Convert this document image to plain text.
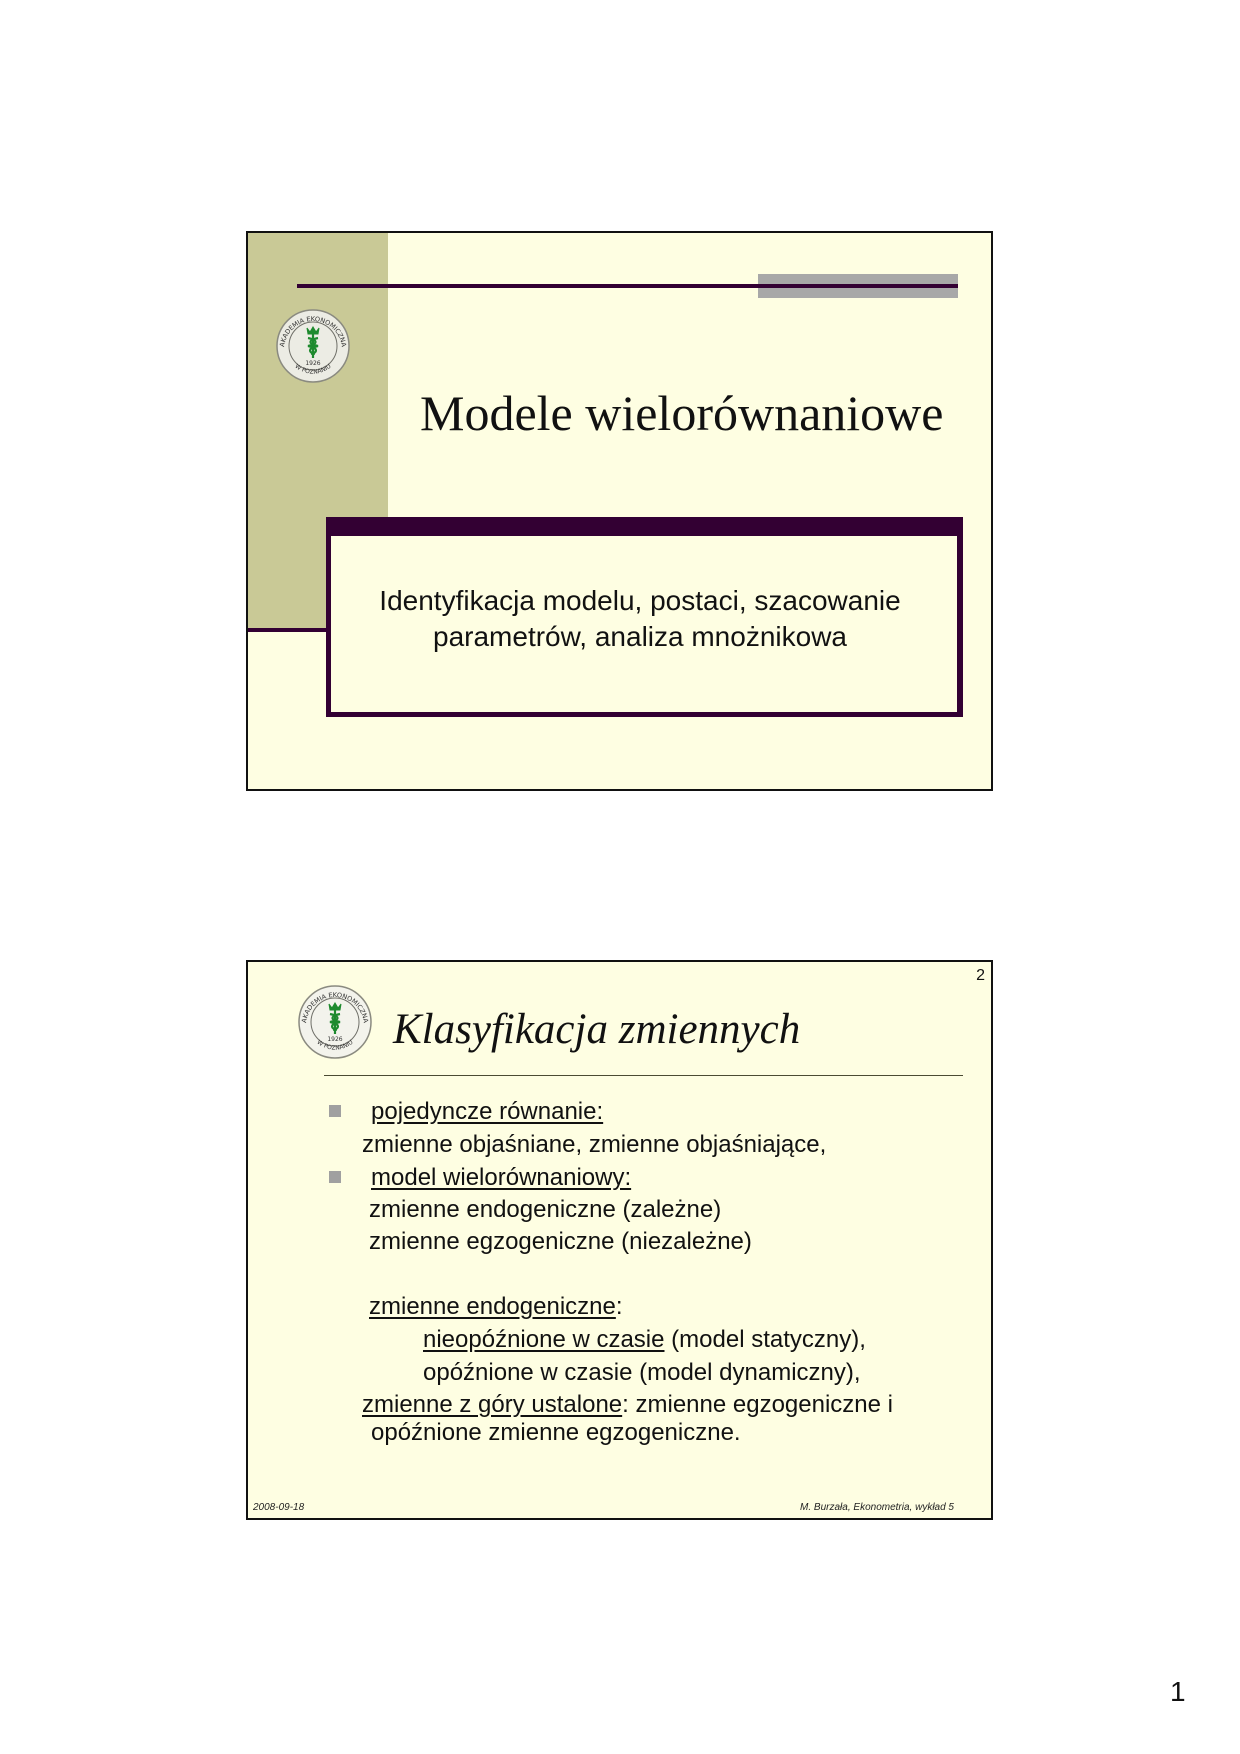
AKADEMIA EKONOMICZNA
W POZNANIU
1926
Modele wielorównaniowe
Identyfikacja modelu, postaci, szacowanie
parametrów, analiza mnożnikowa
2
AKADEMIA EKONOMICZNA
W POZNANIU
1926 Klasyfikacja zmiennych
pojedyncze równanie:
zmienne objaśniane, zmienne objaśniające,
model wielorównaniowy:
zmienne endogeniczne (zależne)
zmienne egzogeniczne (niezależne)
zmienne endogeniczne:
nieopóźnione w czasie (model statyczny),
opóźnione w czasie (model dynamiczny),
zmienne z góry ustalone: zmienne egzogeniczne i
opóźnione zmienne egzogeniczne.
2008-09-18	M. Burzała, Ekonometria, wykład 5
1
